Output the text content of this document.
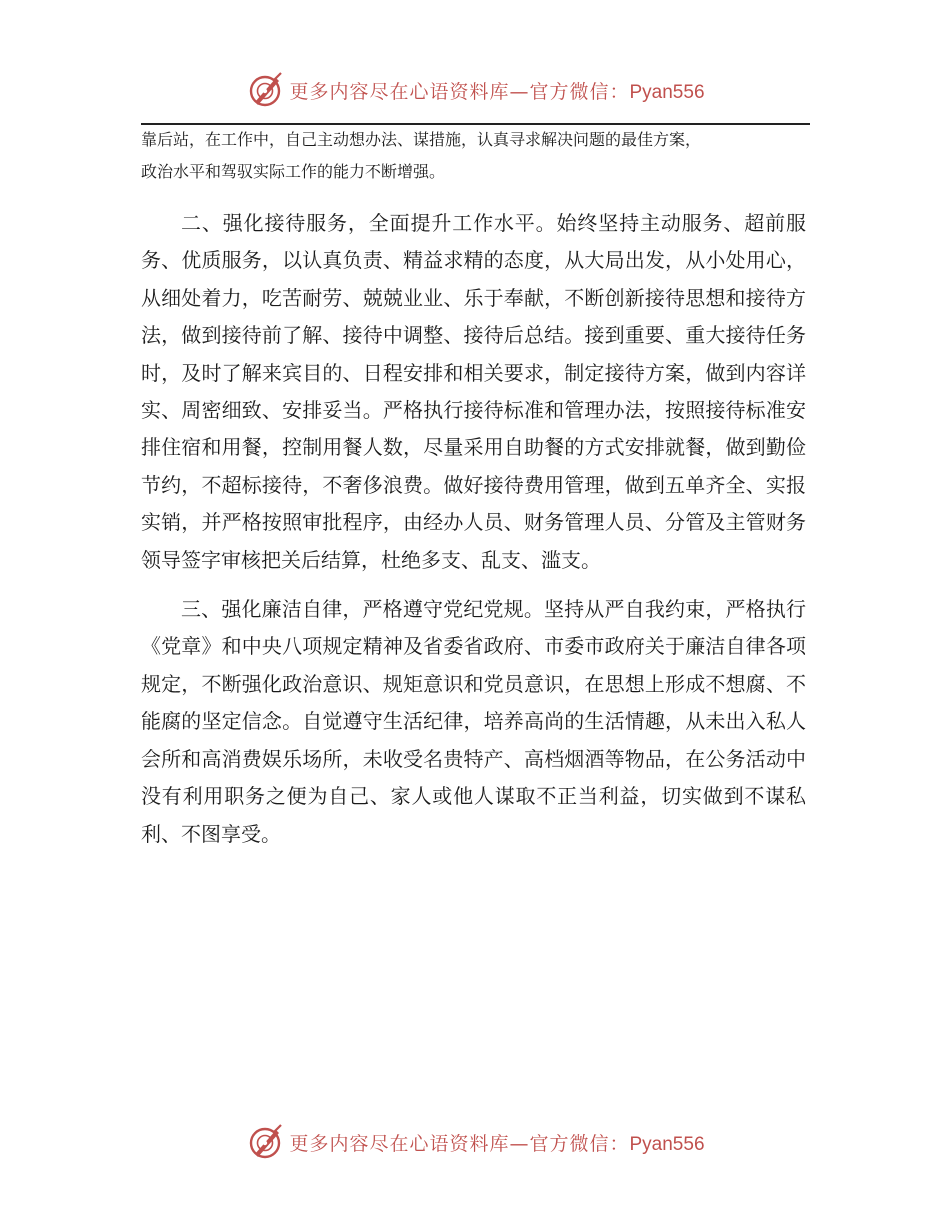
更多内容尽在心语资料库—官方微信：Pyan556

靠后站，在工作中，自己主动想办法、谋措施，认真寻求解决问题的最佳方案，

政治水平和驾驭实际工作的能力不断增强。

二、强化接待服务，全面提升工作水平。始终坚持主动服务、超前服务、优质服务，以认真负责、精益求精的态度，从大局出发，从小处用心，从细处着力，吃苦耐劳、兢兢业业、乐于奉献，不断创新接待思想和接待方法，做到接待前了解、接待中调整、接待后总结。接到重要、重大接待任务时，及时了解来宾目的、日程安排和相关要求，制定接待方案，做到内容详实、周密细致、安排妥当。严格执行接待标准和管理办法，按照接待标准安排住宿和用餐，控制用餐人数，尽量采用自助餐的方式安排就餐，做到勤俭节约，不超标接待，不奢侈浪费。做好接待费用管理，做到五单齐全、实报实销，并严格按照审批程序，由经办人员、财务管理人员、分管及主管财务领导签字审核把关后结算，杜绝多支、乱支、滥支。

三、强化廉洁自律，严格遵守党纪党规。坚持从严自我约束，严格执行《党章》和中央八项规定精神及省委省政府、市委市政府关于廉洁自律各项规定，不断强化政治意识、规矩意识和党员意识，在思想上形成不想腐、不能腐的坚定信念。自觉遵守生活纪律，培养高尚的生活情趣，从未出入私人会所和高消费娱乐场所，未收受名贵特产、高档烟酒等物品，在公务活动中没有利用职务之便为自己、家人或他人谋取不正当利益，切实做到不谋私利、不图享受。

更多内容尽在心语资料库—官方微信：Pyan556
